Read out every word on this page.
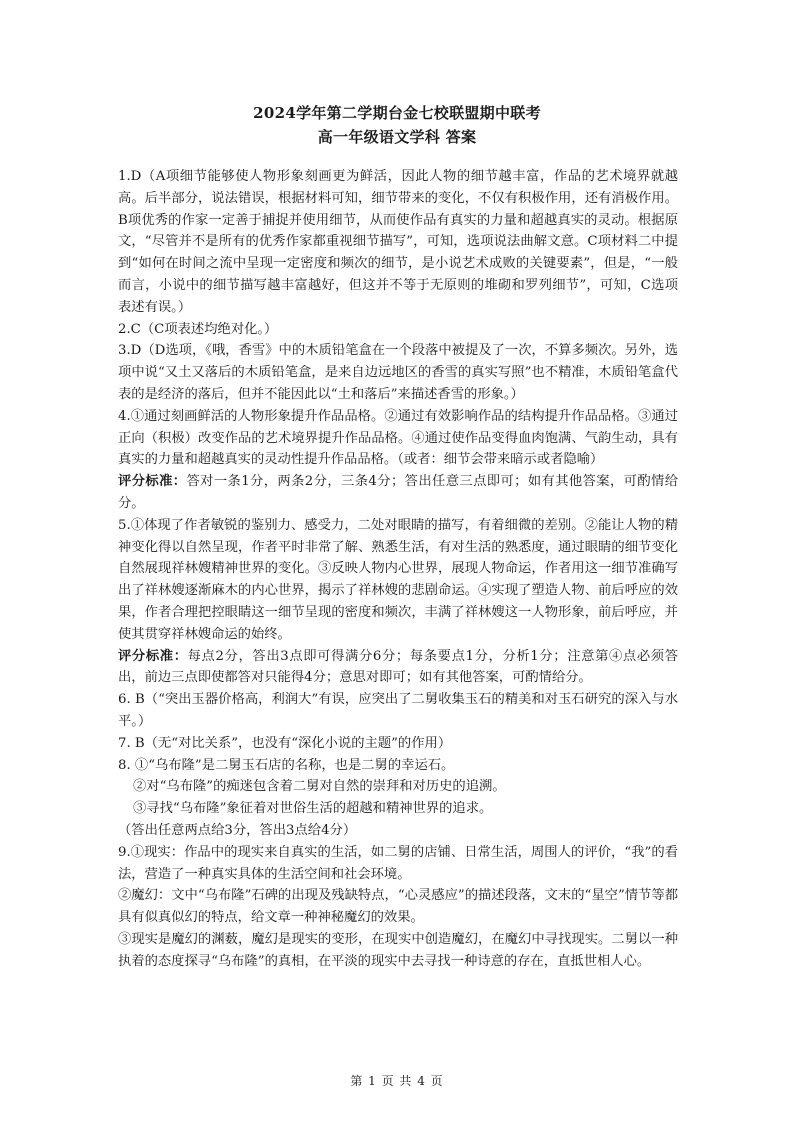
2024学年第二学期台金七校联盟期中联考
高一年级语文学科 答案

1.D（A项细节能够使人物形象刻画更为鲜活，因此人物的细节越丰富，作品的艺术境界就越高。后半部分，说法错误，根据材料可知，细节带来的变化，不仅有积极作用，还有消极作用。B项优秀的作家一定善于捕捉并使用细节，从而使作品有真实的力量和超越真实的灵动。根据原文，“尽管并不是所有的优秀作家都重视细节描写”，可知，选项说法曲解文意。C项材料二中提到“如何在时间之流中呈现一定密度和频次的细节，是小说艺术成败的关键要素”，但是，“一般而言，小说中的细节描写越丰富越好，但这并不等于无原则的堆砌和罗列细节”，可知，C选项表述有误。）

2.C（C项表述均绝对化。）

3.D（D选项，《哦，香雪》中的木质铅笔盒在一个段落中被提及了一次，不算多频次。另外，选项中说“又土又落后的木质铅笔盒，是来自边远地区的香雪的真实写照”也不精准，木质铅笔盒代表的是经济的落后，但并不能因此以“土和落后”来描述香雪的形象。）

4.①通过刻画鲜活的人物形象提升作品品格。②通过有效影响作品的结构提升作品品格。③通过正向（积极）改变作品的艺术境界提升作品品格。④通过使作品变得血肉饱满、气韵生动，具有真实的力量和超越真实的灵动性提升作品品格。（或者：细节会带来暗示或者隐喻）

评分标准：答对一条1分，两条2分，三条4分；答出任意三点即可；如有其他答案，可酌情给分。

5.①体现了作者敏锐的鉴别力、感受力，二处对眼睛的描写，有着细微的差别。②能让人物的精神变化得以自然呈现，作者平时非常了解、熟悉生活，有对生活的熟悉度，通过眼睛的细节变化自然展现祥林嫂精神世界的变化。③反映人物内心世界，展现人物命运，作者用这一细节准确写出了祥林嫂逐渐麻木的内心世界，揭示了祥林嫂的悲剧命运。④实现了塑造人物、前后呼应的效果，作者合理把控眼睛这一细节呈现的密度和频次，丰满了祥林嫂这一人物形象，前后呼应，并使其贯穿祥林嫂命运的始终。

评分标准：每点2分，答出3点即可得满分6分；每条要点1分，分析1分；注意第④点必须答出，前边三点即使都答对只能得4分；意思对即可；如有其他答案，可酌情给分。

6. B（“突出玉器价格高，利润大”有误，应突出了二舅收集玉石的精美和对玉石研究的深入与水平。）

7. B（无“对比关系”，也没有“深化小说的主题”的作用）

8. ①“乌布隆”是二舅玉石店的名称，也是二舅的幸运石。

②对“乌布隆”的痴迷包含着二舅对自然的崇拜和对历史的追溯。

③寻找“乌布隆”象征着对世俗生活的超越和精神世界的追求。

（答出任意两点给3分，答出3点给4分）

9.①现实：作品中的现实来自真实的生活，如二舅的店铺、日常生活，周围人的评价，“我”的看法，营造了一种真实具体的生活空间和社会环境。

②魔幻：文中“乌布隆”石碑的出现及残缺特点，“心灵感应”的描述段落，文末的“星空”情节等都具有似真似幻的特点，给文章一种神秘魔幻的效果。

③现实是魔幻的渊薮，魔幻是现实的变形，在现实中创造魔幻，在魔幻中寻找现实。二舅以一种执着的态度探寻“乌布隆”的真相，在平淡的现实中去寻找一种诗意的存在，直抵世相人心。

第 1 页 共 4 页
